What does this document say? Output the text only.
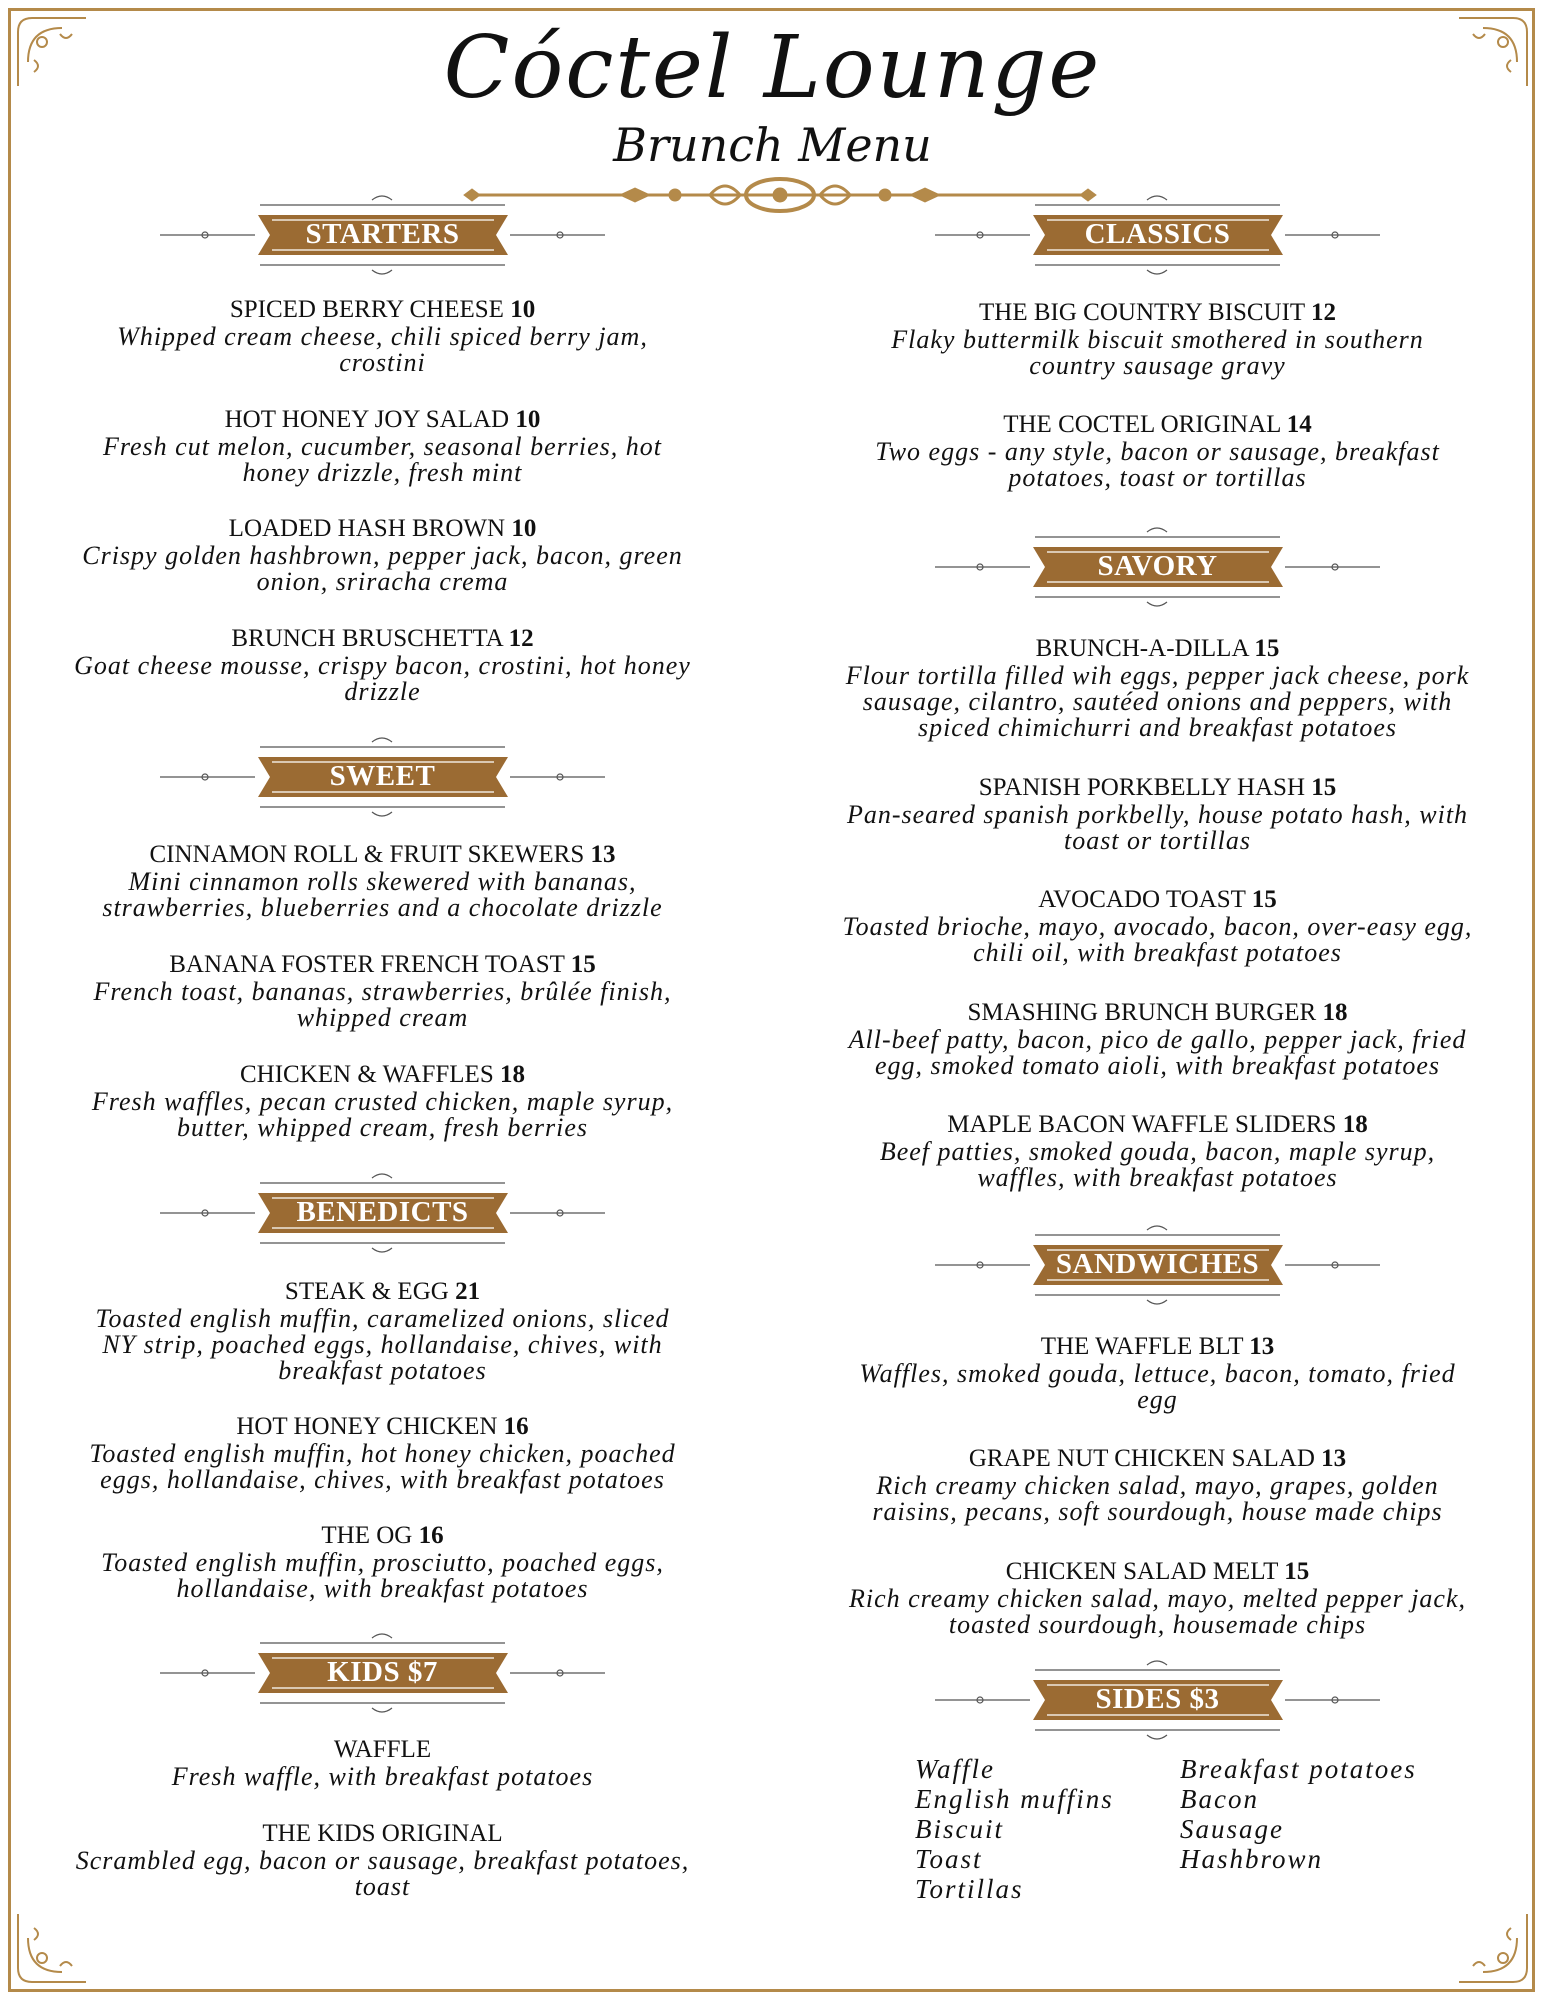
Cóctel Lounge
Brunch Menu
STARTERS
SPICED BERRY CHEESE 10
Whipped cream cheese, chili spiced berry jam,
crostini
HOT HONEY JOY SALAD 10
Fresh cut melon, cucumber, seasonal berries, hot
honey drizzle, fresh mint
LOADED HASH BROWN 10
Crispy golden hashbrown, pepper jack, bacon, green
onion, sriracha crema
BRUNCH BRUSCHETTA 12
Goat cheese mousse, crispy bacon, crostini, hot honey
drizzle
SWEET
CINNAMON ROLL & FRUIT SKEWERS 13
Mini cinnamon rolls skewered with bananas,
strawberries, blueberries and a chocolate drizzle
BANANA FOSTER FRENCH TOAST 15
French toast, bananas, strawberries, brûlée finish,
whipped cream
CHICKEN & WAFFLES 18
Fresh waffles, pecan crusted chicken, maple syrup,
butter, whipped cream, fresh berries
BENEDICTS
STEAK & EGG 21
Toasted english muffin, caramelized onions, sliced
NY strip, poached eggs, hollandaise, chives, with
breakfast potatoes
HOT HONEY CHICKEN 16
Toasted english muffin, hot honey chicken, poached
eggs, hollandaise, chives, with breakfast potatoes
THE OG 16
Toasted english muffin, prosciutto, poached eggs,
hollandaise, with breakfast potatoes
KIDS $7
WAFFLE
Fresh waffle, with breakfast potatoes
THE KIDS ORIGINAL
Scrambled egg, bacon or sausage, breakfast potatoes,
toast
CLASSICS
THE BIG COUNTRY BISCUIT 12
Flaky buttermilk biscuit smothered in southern
country sausage gravy
THE COCTEL ORIGINAL 14
Two eggs - any style, bacon or sausage, breakfast
potatoes, toast or tortillas
SAVORY
BRUNCH-A-DILLA 15
Flour tortilla filled wih eggs, pepper jack cheese, pork
sausage, cilantro, sautéed onions and peppers, with
spiced chimichurri and breakfast potatoes
SPANISH PORKBELLY HASH 15
Pan-seared spanish porkbelly, house potato hash, with
toast or tortillas
AVOCADO TOAST 15
Toasted brioche, mayo, avocado, bacon, over-easy egg,
chili oil, with breakfast potatoes
SMASHING BRUNCH BURGER 18
All-beef patty, bacon, pico de gallo, pepper jack, fried
egg, smoked tomato aioli, with breakfast potatoes
MAPLE BACON WAFFLE SLIDERS 18
Beef patties, smoked gouda, bacon, maple syrup,
waffles, with breakfast potatoes
SANDWICHES
THE WAFFLE BLT 13
Waffles, smoked gouda, lettuce, bacon, tomato, fried
egg
GRAPE NUT CHICKEN SALAD 13
Rich creamy chicken salad, mayo, grapes, golden
raisins, pecans, soft sourdough, house made chips
CHICKEN SALAD MELT 15
Rich creamy chicken salad, mayo, melted pepper jack,
toasted sourdough, housemade chips
SIDES $3
Waffle
English muffins
Biscuit
Toast
Tortillas
Breakfast potatoes
Bacon
Sausage
Hashbrown
